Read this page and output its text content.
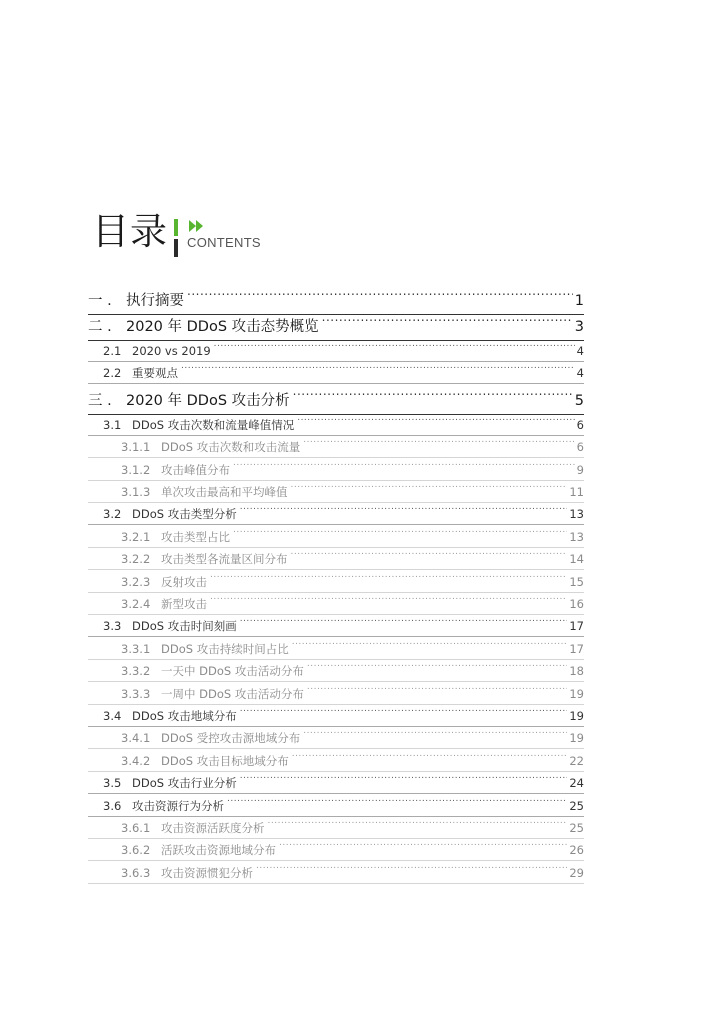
目录 CONTENTS
一 . 执行摘要 .....	1
二 . 2020 年 DDoS 攻击态势概览 .....	3
2.1 2020 vs 2019 .....	4
2.2 重要观点 .....	4
三 . 2020 年 DDoS 攻击分析 .....	5
3.1 DDoS 攻击次数和流量峰值情况 .....	6
3.1.1 DDoS 攻击次数和攻击流量 .....	6
3.1.2 攻击峰值分布 .....	9
3.1.3 单次攻击最高和平均峰值 .....	11
3.2 DDoS 攻击类型分析 .....	13
3.2.1 攻击类型占比 .....	13
3.2.2 攻击类型各流量区间分布 .....	14
3.2.3 反射攻击 .....	15
3.2.4 新型攻击 .....	16
3.3 DDoS 攻击时间刻画 .....	17
3.3.1 DDoS 攻击持续时间占比 .....	17
3.3.2 一天中 DDoS 攻击活动分布 .....	18
3.3.3 一周中 DDoS 攻击活动分布 .....	19
3.4 DDoS 攻击地域分布 .....	19
3.4.1 DDoS 受控攻击源地域分布 .....	19
3.4.2 DDoS 攻击目标地域分布 .....	22
3.5 DDoS 攻击行业分析 .....	24
3.6 攻击资源行为分析 .....	25
3.6.1 攻击资源活跃度分析 .....	25
3.6.2 活跃攻击资源地域分布 .....	26
3.6.3 攻击资源惯犯分析 .....	29
